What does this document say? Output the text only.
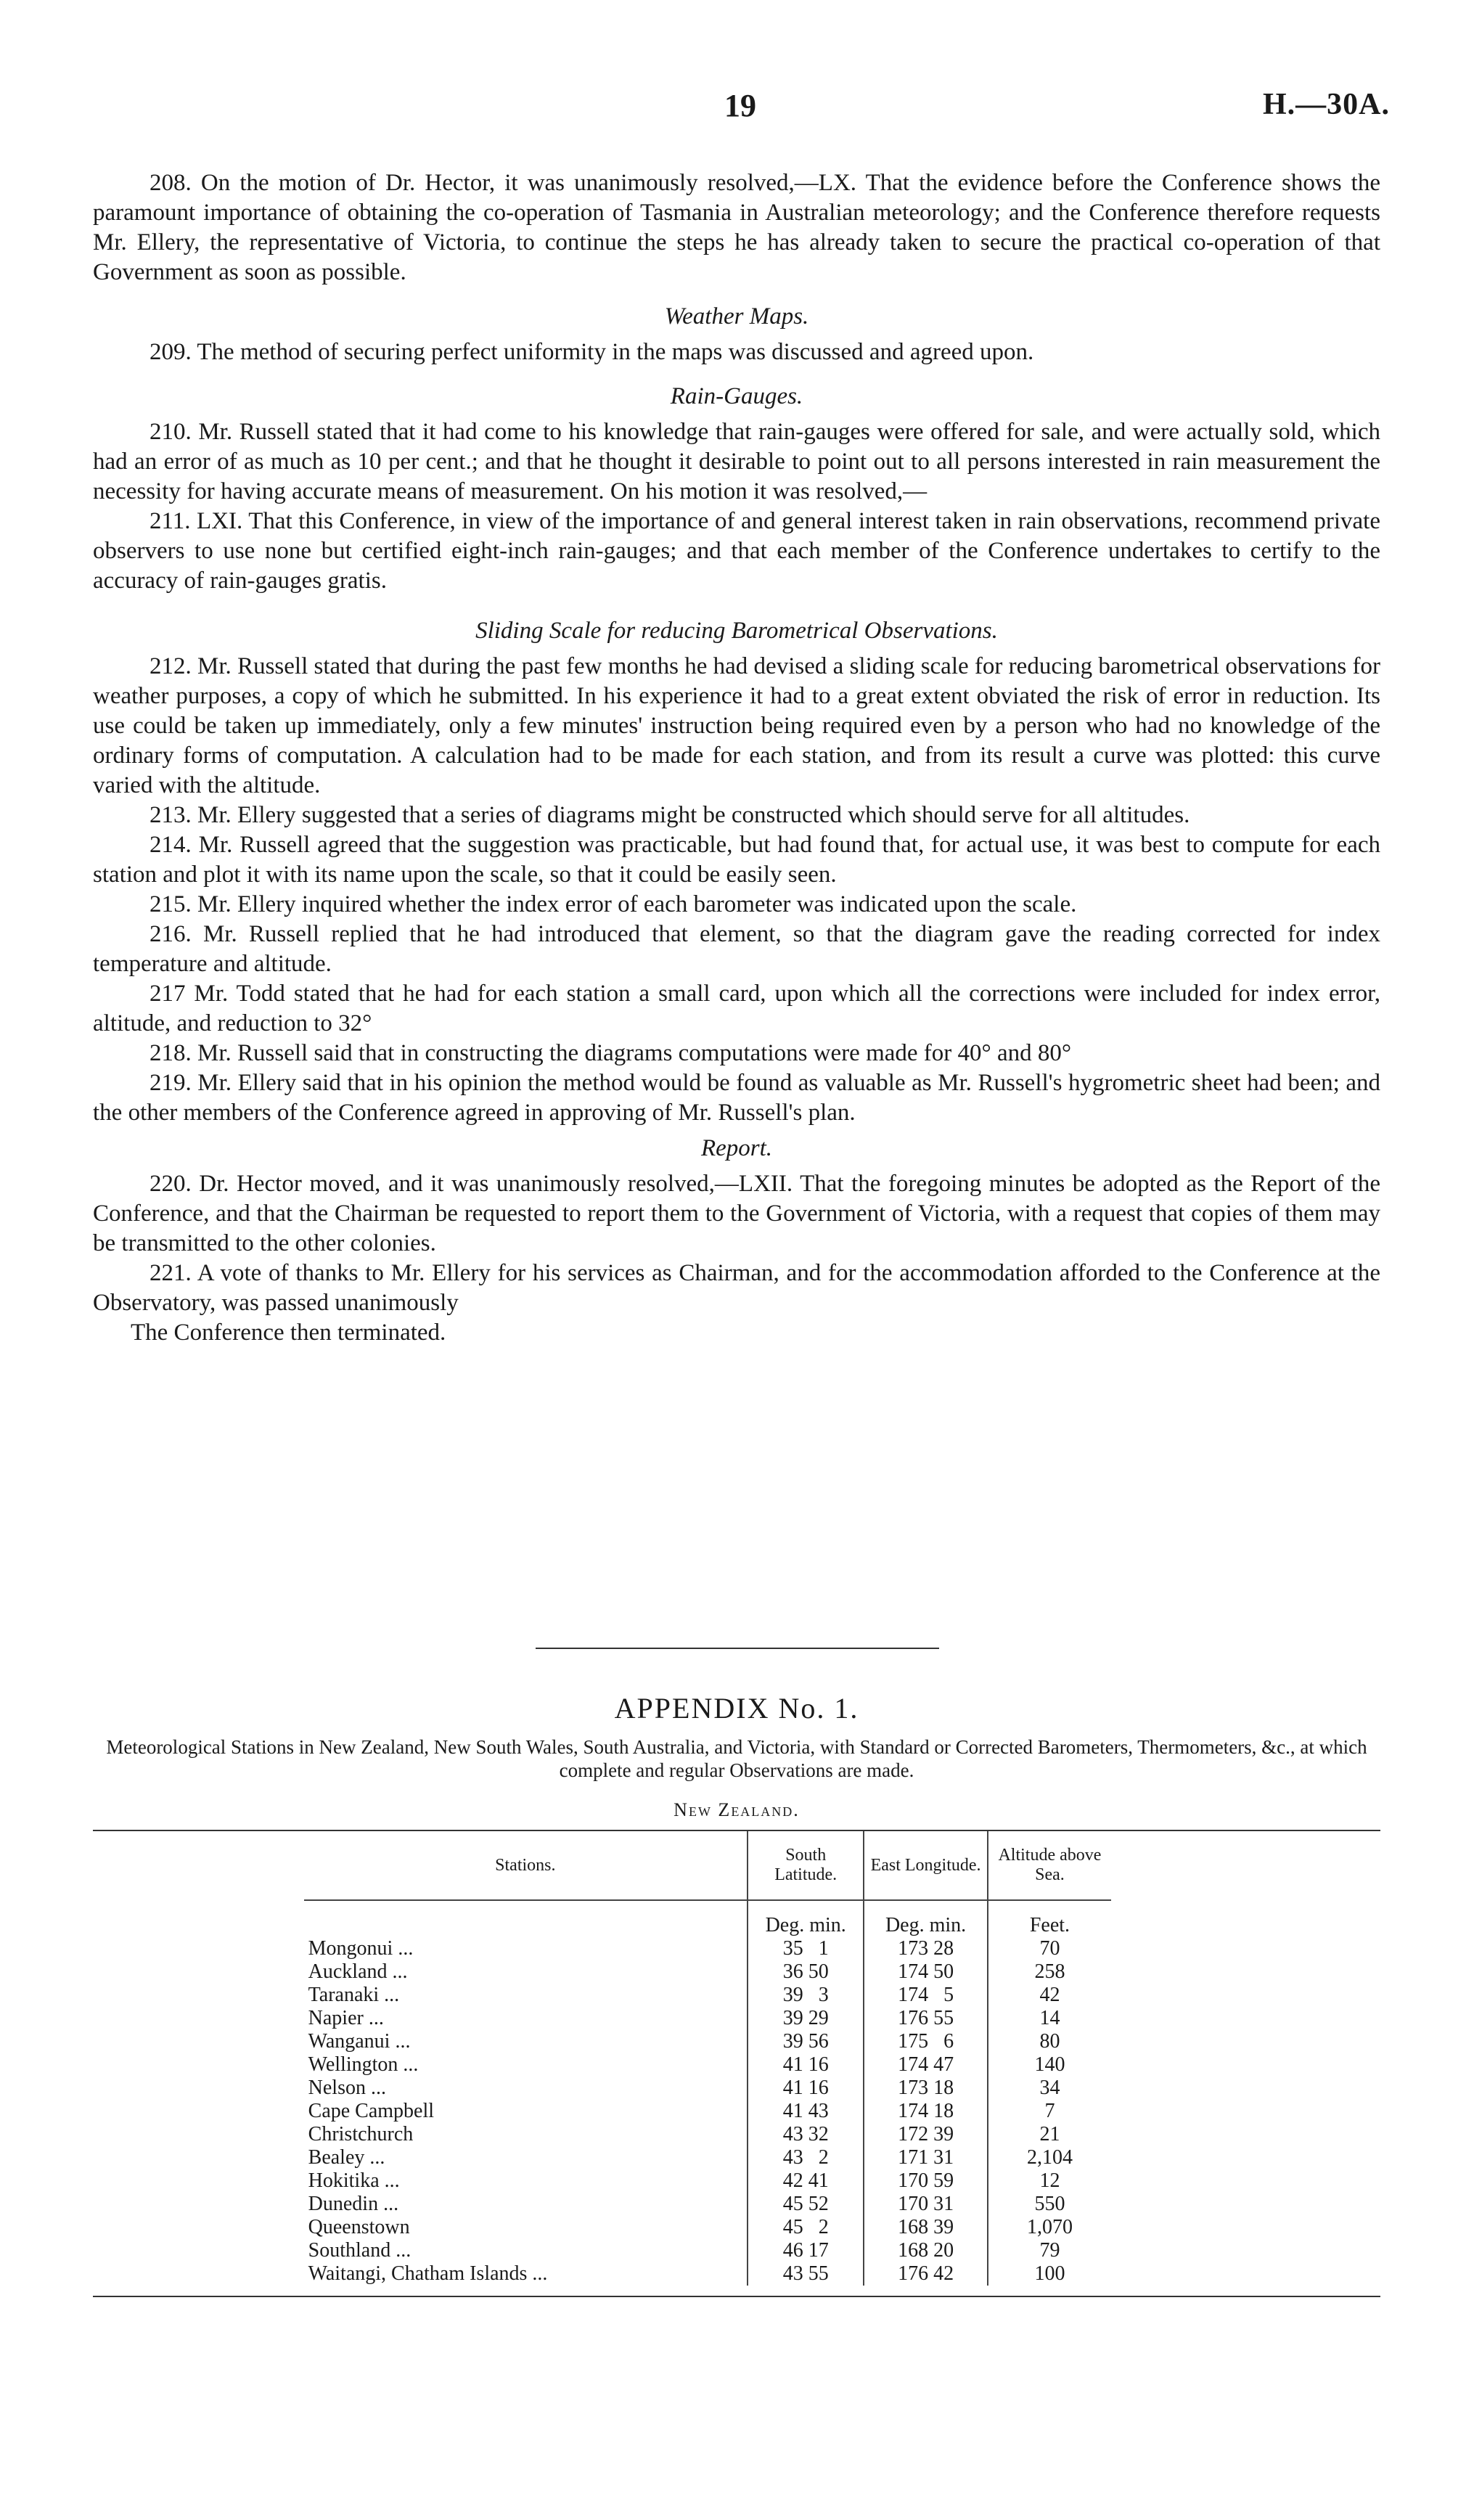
19	H.—30A.

208. On the motion of Dr. Hector, it was unanimously resolved,—LX. That the evidence before the Conference shows the paramount importance of obtaining the co-operation of Tasmania in Australian meteorology; and the Conference therefore requests Mr. Ellery, the representative of Victoria, to continue the steps he has already taken to secure the practical co-operation of that Government as soon as possible.

Weather Maps.

209. The method of securing perfect uniformity in the maps was discussed and agreed upon.

Rain-Gauges.

210. Mr. Russell stated that it had come to his knowledge that rain-gauges were offered for sale, and were actually sold, which had an error of as much as 10 per cent.; and that he thought it desirable to point out to all persons interested in rain measurement the necessity for having accurate means of measurement. On his motion it was resolved,—

211. LXI. That this Conference, in view of the importance of and general interest taken in rain observations, recommend private observers to use none but certified eight-inch rain-gauges; and that each member of the Conference undertakes to certify to the accuracy of rain-gauges gratis.

Sliding Scale for reducing Barometrical Observations.

212. Mr. Russell stated that during the past few months he had devised a sliding scale for reducing barometrical observations for weather purposes, a copy of which he submitted. In his experience it had to a great extent obviated the risk of error in reduction. Its use could be taken up immediately, only a few minutes' instruction being required even by a person who had no knowledge of the ordinary forms of computation. A calculation had to be made for each station, and from its result a curve was plotted: this curve varied with the altitude.

213. Mr. Ellery suggested that a series of diagrams might be constructed which should serve for all altitudes.

214. Mr. Russell agreed that the suggestion was practicable, but had found that, for actual use, it was best to compute for each station and plot it with its name upon the scale, so that it could be easily seen.

215. Mr. Ellery inquired whether the index error of each barometer was indicated upon the scale.

216. Mr. Russell replied that he had introduced that element, so that the diagram gave the reading corrected for index temperature and altitude.

217 Mr. Todd stated that he had for each station a small card, upon which all the corrections were included for index error, altitude, and reduction to 32°

218. Mr. Russell said that in constructing the diagrams computations were made for 40° and 80°

219. Mr. Ellery said that in his opinion the method would be found as valuable as Mr. Russell's hygrometric sheet had been; and the other members of the Conference agreed in approving of Mr. Russell's plan.

Report.

220. Dr. Hector moved, and it was unanimously resolved,—LXII. That the foregoing minutes be adopted as the Report of the Conference, and that the Chairman be requested to report them to the Government of Victoria, with a request that copies of them may be transmitted to the other colonies.

221. A vote of thanks to Mr. Ellery for his services as Chairman, and for the accommodation afforded to the Conference at the Observatory, was passed unanimously

The Conference then terminated.

APPENDIX No. 1.

Meteorological Stations in New Zealand, New South Wales, South Australia, and Victoria, with Standard or Corrected Barometers, Thermometers, &c., at which complete and regular Observations are made.

New Zealand.

	Stations.	South Latitude.	East Longitude.	Altitude above Sea.	
		Deg. min.	Deg. min.	Feet.	
	Mongonui ...	35   1	173 28	70	
	Auckland ...	36 50	174 50	258	
	Taranaki ...	39   3	174   5	42	
	Napier ...	39 29	176 55	14	
	Wanganui ...	39 56	175   6	80	
	Wellington ...	41 16	174 47	140	
	Nelson ...	41 16	173 18	34	
	Cape Campbell	41 43	174 18	7	
	Christchurch	43 32	172 39	21	
	Bealey ...	43   2	171 31	2,104	
	Hokitika ...	42 41	170 59	12	
	Dunedin ...	45 52	170 31	550	
	Queenstown	45   2	168 39	1,070	
	Southland ...	46 17	168 20	79	
	Waitangi, Chatham Islands ...	43 55	176 42	100	
